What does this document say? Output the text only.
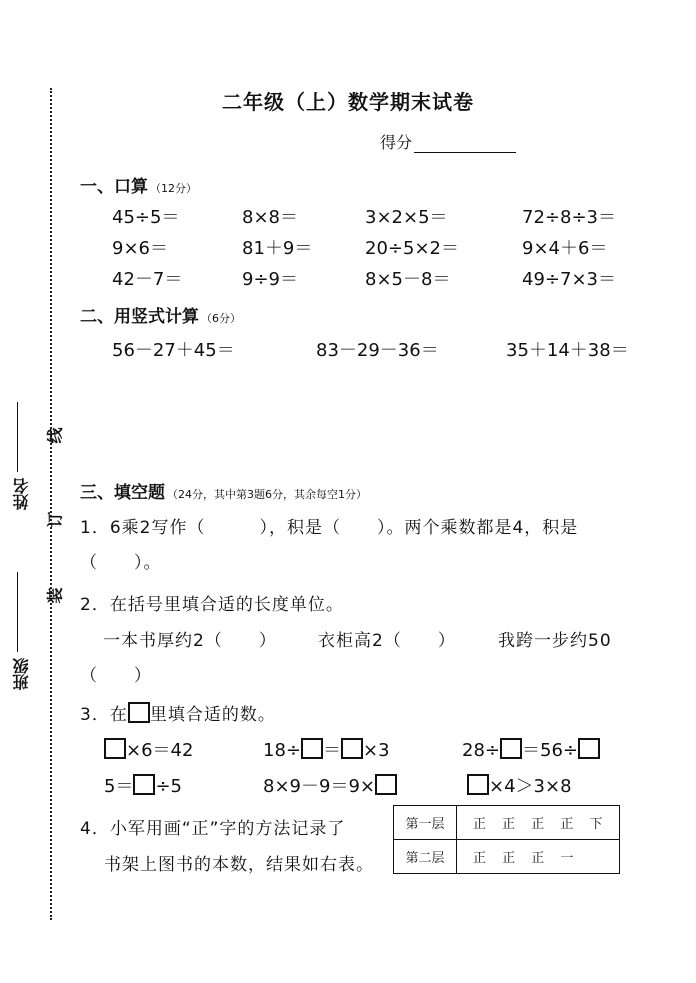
姓名
班级
线
订
装
二年级（上）数学期末试卷
得分
一、口算 （12分）
45÷5＝	8×8＝	3×2×5＝	72÷8÷3＝
9×6＝	81＋9＝	20÷5×2＝	9×4＋6＝
42－7＝	9÷9＝	8×5－8＝	49÷7×3＝
二、用竖式计算 （6分）
56－27＋45＝	83－29－36＝	35＋14＋38＝
三、填空题 （24分，其中第3题6分，其余每空1分）
1．6乘2写作（　　　），积是（　　）。两个乘数都是4，积是
（　　）。
2．在括号里填合适的长度单位。
一本书厚约2（　　） 衣柜高2（　　） 我跨一步约50
（　　）
3．在 里填合适的数。
×6＝42	18÷ ＝ ×3	28÷ ＝56÷
5＝ ÷5	8×9－9＝9×	×4＞3×8
4．小军用画“正”字的方法记录了
书架上图书的本数，结果如右表。
第一层	正 正 正 正 下
第二层	正 正 正 一
